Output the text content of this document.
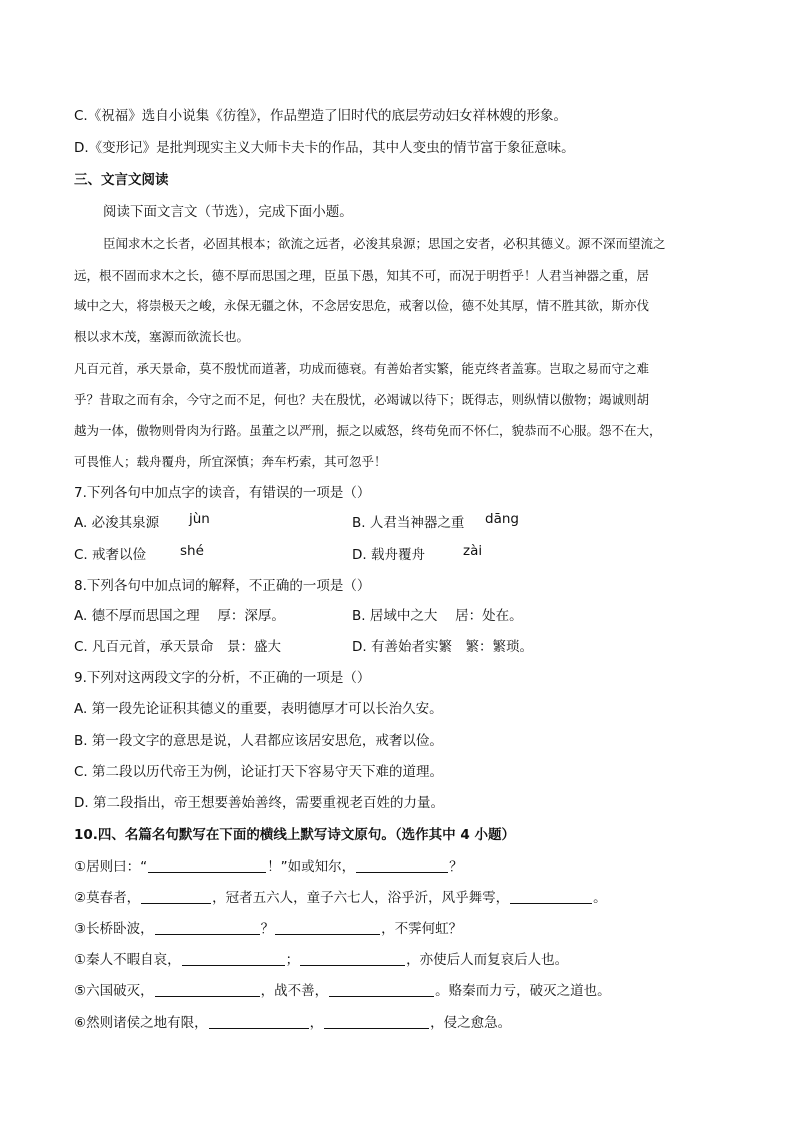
C.《祝福》选自小说集《彷徨》，作品塑造了旧时代的底层劳动妇女祥林嫂的形象。
D.《变形记》是批判现实主义大师卡夫卡的作品，其中人变虫的情节富于象征意味。
三、文言文阅读
阅读下面文言文（节选），完成下面小题。
臣闻求木之长者，必固其根本；欲流之远者，必浚其泉源；思国之安者，必积其德义。源不深而望流之
远，根不固而求木之长，德不厚而思国之理，臣虽下愚，知其不可，而况于明哲乎！人君当神器之重，居
域中之大，将崇极天之峻，永保无疆之休，不念居安思危，戒奢以俭，德不处其厚，情不胜其欲，斯亦伐
根以求木茂，塞源而欲流长也。
凡百元首，承天景命，莫不殷忧而道著，功成而德衰。有善始者实繁，能克终者盖寡。岂取之易而守之难
乎？昔取之而有余，今守之而不足，何也？夫在殷忧，必竭诚以待下；既得志，则纵情以傲物；竭诚则胡
越为一体，傲物则骨肉为行路。虽董之以严刑，振之以威怒，终苟免而不怀仁，貌恭而不心服。怨不在大，
可畏惟人；载舟覆舟，所宜深慎；奔车朽索，其可忽乎！
7.下列各句中加点字的读音，有错误的一项是（）
A. 必浚其泉源 jùn	B. 人君当神器之重 dāng
C. 戒奢以俭	shé	D. 载舟覆舟	zài
8.下列各句中加点词的解释，不正确的一项是（）
A. 德不厚而思国之理　 厚：深厚。	B. 居域中之大　 居：处在。
C. 凡百元首，承天景命　景：盛大	D. 有善始者实繁　繁：繁琐。
9.下列对这两段文字的分析，不正确的一项是（）
A. 第一段先论证积其德义的重要，表明德厚才可以长治久安。
B. 第一段文字的意思是说，人君都应该居安思危，戒奢以俭。
C. 第二段以历代帝王为例，论证打天下容易守天下难的道理。
D. 第二段指出，帝王想要善始善终，需要重视老百姓的力量。
10.四、名篇名句默写在下面的横线上默写诗文原句。（选作其中 4 小题）
①居则曰：“	！”如或知尔，	？
②莫春者，	，冠者五六人，童子六七人，浴乎沂，风乎舞雩，	。
③长桥卧波，	？	，不霁何虹？
①秦人不暇自哀，	；	，亦使后人而复哀后人也。
⑤六国破灭，	，战不善，	。赂秦而力亏，破灭之道也。
⑥然则诸侯之地有限，	，	，侵之愈急。
